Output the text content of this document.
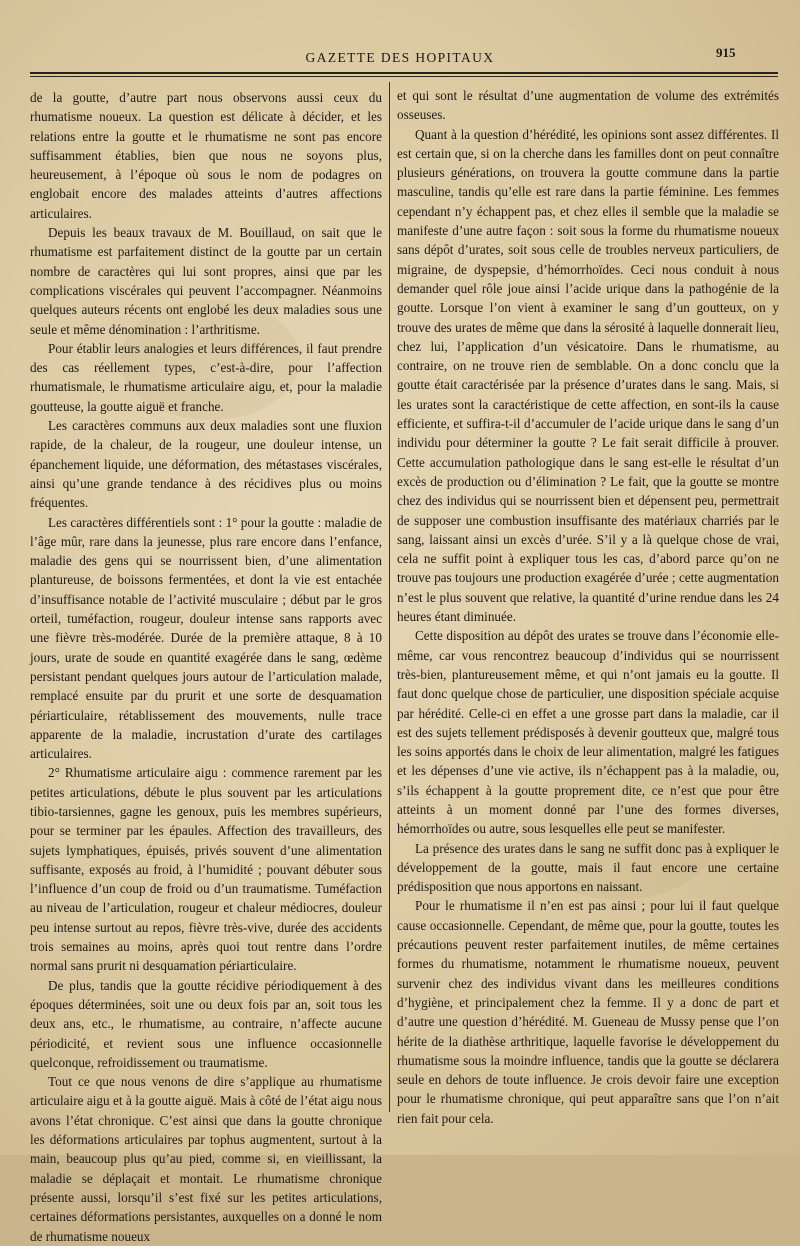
GAZETTE DES HOPITAUX	915

de la goutte, d’autre part nous observons aussi ceux du rhumatisme noueux. La question est délicate à décider, et les relations entre la goutte et le rhumatisme ne sont pas encore suffisamment établies, bien que nous ne soyons plus, heureusement, à l’époque où sous le nom de podagres on englobait encore des malades atteints d’autres affections articulaires.

Depuis les beaux travaux de M. Bouillaud, on sait que le rhumatisme est parfaitement distinct de la goutte par un certain nombre de caractères qui lui sont propres, ainsi que par les complications viscérales qui peuvent l’accompagner. Néanmoins quelques auteurs récents ont englobé les deux maladies sous une seule et même dénomination : l’arthritisme.

Pour établir leurs analogies et leurs différences, il faut prendre des cas réellement types, c’est-à-dire, pour l’affection rhumatismale, le rhumatisme articulaire aigu, et, pour la maladie goutteuse, la goutte aiguë et franche.

Les caractères communs aux deux maladies sont une fluxion rapide, de la chaleur, de la rougeur, une douleur intense, un épanchement liquide, une déformation, des métastases viscérales, ainsi qu’une grande tendance à des récidives plus ou moins fréquentes.

Les caractères différentiels sont : 1° pour la goutte : maladie de l’âge mûr, rare dans la jeunesse, plus rare encore dans l’enfance, maladie des gens qui se nourrissent bien, d’une alimentation plantureuse, de boissons fermentées, et dont la vie est entachée d’insuffisance notable de l’activité musculaire ; début par le gros orteil, tuméfaction, rougeur, douleur intense sans rapports avec une fièvre très-modérée. Durée de la première attaque, 8 à 10 jours, urate de soude en quantité exagérée dans le sang, œdème persistant pendant quelques jours autour de l’articulation malade, remplacé ensuite par du prurit et une sorte de desquamation périarticulaire, rétablissement des mouvements, nulle trace apparente de la maladie, incrustation d’urate des cartilages articulaires.

2° Rhumatisme articulaire aigu : commence rarement par les petites articulations, débute le plus souvent par les articulations tibio-tarsiennes, gagne les genoux, puis les membres supérieurs, pour se terminer par les épaules. Affection des travailleurs, des sujets lymphatiques, épuisés, privés souvent d’une alimentation suffisante, exposés au froid, à l’humidité ; pouvant débuter sous l’influence d’un coup de froid ou d’un traumatisme. Tuméfaction au niveau de l’articulation, rougeur et chaleur médiocres, douleur peu intense surtout au repos, fièvre très-vive, durée des accidents trois semaines au moins, après quoi tout rentre dans l’ordre normal sans prurit ni desquamation périarticulaire.

De plus, tandis que la goutte récidive périodiquement à des époques déterminées, soit une ou deux fois par an, soit tous les deux ans, etc., le rhumatisme, au contraire, n’affecte aucune périodicité, et revient sous une influence occasionnelle quelconque, refroidissement ou traumatisme.

Tout ce que nous venons de dire s’applique au rhumatisme articulaire aigu et à la goutte aiguë. Mais à côté de l’état aigu nous avons l’état chronique. C’est ainsi que dans la goutte chronique les déformations articulaires par tophus augmentent, surtout à la main, beaucoup plus qu’au pied, comme si, en vieillissant, la maladie se déplaçait et montait. Le rhumatisme chronique présente aussi, lorsqu’il s’est fixé sur les petites articulations, certaines déformations persistantes, auxquelles on a donné le nom de rhumatisme noueux

et qui sont le résultat d’une augmentation de volume des extrémités osseuses.

Quant à la question d’hérédité, les opinions sont assez différentes. Il est certain que, si on la cherche dans les familles dont on peut connaître plusieurs générations, on trouvera la goutte commune dans la partie masculine, tandis qu’elle est rare dans la partie féminine. Les femmes cependant n’y échappent pas, et chez elles il semble que la maladie se manifeste d’une autre façon : soit sous la forme du rhumatisme noueux sans dépôt d’urates, soit sous celle de troubles nerveux particuliers, de migraine, de dyspepsie, d’hémorrhoïdes. Ceci nous conduit à nous demander quel rôle joue ainsi l’acide urique dans la pathogénie de la goutte. Lorsque l’on vient à examiner le sang d’un goutteux, on y trouve des urates de même que dans la sérosité à laquelle donnerait lieu, chez lui, l’application d’un vésicatoire. Dans le rhumatisme, au contraire, on ne trouve rien de semblable. On a donc conclu que la goutte était caractérisée par la présence d’urates dans le sang. Mais, si les urates sont la caractéristique de cette affection, en sont-ils la cause efficiente, et suffira-t-il d’accumuler de l’acide urique dans le sang d’un individu pour déterminer la goutte ? Le fait serait difficile à prouver. Cette accumulation pathologique dans le sang est-elle le résultat d’un excès de production ou d’élimination ? Le fait, que la goutte se montre chez des individus qui se nourrissent bien et dépensent peu, permettrait de supposer une combustion insuffisante des matériaux charriés par le sang, laissant ainsi un excès d’urée. S’il y a là quelque chose de vrai, cela ne suffit point à expliquer tous les cas, d’abord parce qu’on ne trouve pas toujours une production exagérée d’urée ; cette augmentation n’est le plus souvent que relative, la quantité d’urine rendue dans les 24 heures étant diminuée.

Cette disposition au dépôt des urates se trouve dans l’économie elle-même, car vous rencontrez beaucoup d’individus qui se nourrissent très-bien, plantureusement même, et qui n’ont jamais eu la goutte. Il faut donc quelque chose de particulier, une disposition spéciale acquise par hérédité. Celle-ci en effet a une grosse part dans la maladie, car il est des sujets tellement prédisposés à devenir goutteux que, malgré tous les soins apportés dans le choix de leur alimentation, malgré les fatigues et les dépenses d’une vie active, ils n’échappent pas à la maladie, ou, s’ils échappent à la goutte proprement dite, ce n’est que pour être atteints à un moment donné par l’une des formes diverses, hémorrhoïdes ou autre, sous lesquelles elle peut se manifester.

La présence des urates dans le sang ne suffit donc pas à expliquer le développement de la goutte, mais il faut encore une certaine prédisposition que nous apportons en naissant.

Pour le rhumatisme il n’en est pas ainsi ; pour lui il faut quelque cause occasionnelle. Cependant, de même que, pour la goutte, toutes les précautions peuvent rester parfaitement inutiles, de même certaines formes du rhumatisme, notamment le rhumatisme noueux, peuvent survenir chez des individus vivant dans les meilleures conditions d’hygiène, et principalement chez la femme. Il y a donc de part et d’autre une question d’hérédité. M. Gueneau de Mussy pense que l’on hérite de la diathèse arthritique, laquelle favorise le développement du rhumatisme sous la moindre influence, tandis que la goutte se déclarera seule en dehors de toute influence. Je crois devoir faire une exception pour le rhumatisme chronique, qui peut apparaître sans que l’on n’ait rien fait pour cela.
